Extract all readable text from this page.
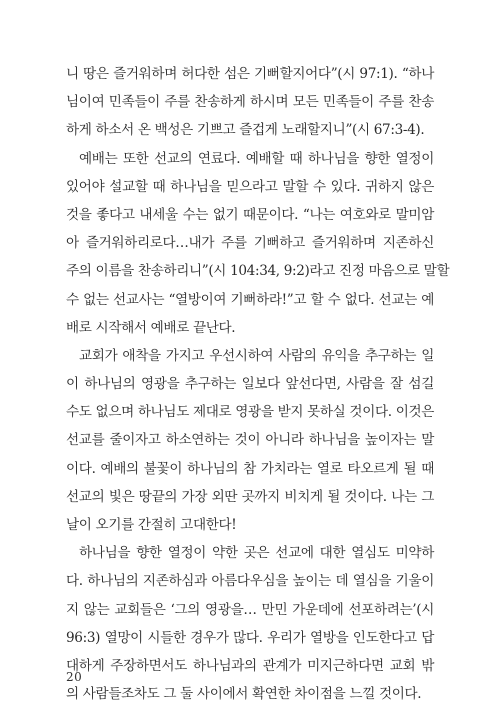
니 땅은 즐거워하며 허다한 섬은 기뻐할지어다”(시 97:1). “하나
님이여 민족들이 주를 찬송하게 하시며 모든 민족들이 주를 찬송
하게 하소서 온 백성은 기쁘고 즐겁게 노래할지니”(시 67:3-4).
예배는 또한 선교의 연료다. 예배할 때 하나님을 향한 열정이
있어야 설교할 때 하나님을 믿으라고 말할 수 있다. 귀하지 않은
것을 좋다고 내세울 수는 없기 때문이다. “나는 여호와로 말미암
아 즐거워하리로다…내가 주를 기뻐하고 즐거워하며 지존하신
주의 이름을 찬송하리니”(시 104:34, 9:2)라고 진정 마음으로 말할
수 없는 선교사는 “열방이여 기뻐하라!”고 할 수 없다. 선교는 예
배로 시작해서 예배로 끝난다.
교회가 애착을 가지고 우선시하여 사람의 유익을 추구하는 일
이 하나님의 영광을 추구하는 일보다 앞선다면, 사람을 잘 섬길
수도 없으며 하나님도 제대로 영광을 받지 못하실 것이다. 이것은
선교를 줄이자고 하소연하는 것이 아니라 하나님을 높이자는 말
이다. 예배의 불꽃이 하나님의 참 가치라는 열로 타오르게 될 때
선교의 빛은 땅끝의 가장 외딴 곳까지 비치게 될 것이다. 나는 그
날이 오기를 간절히 고대한다!
하나님을 향한 열정이 약한 곳은 선교에 대한 열심도 미약하
다. 하나님의 지존하심과 아름다우심을 높이는 데 열심을 기울이
지 않는 교회들은 ‘그의 영광을… 만민 가운데에 선포하려는’(시
96:3) 열망이 시들한 경우가 많다. 우리가 열방을 인도한다고 답
대하게 주장하면서도 하나님과의 관계가 미지근하다면 교회 밖
의 사람들조차도 그 둘 사이에서 확연한 차이점을 느낄 것이다.
20
